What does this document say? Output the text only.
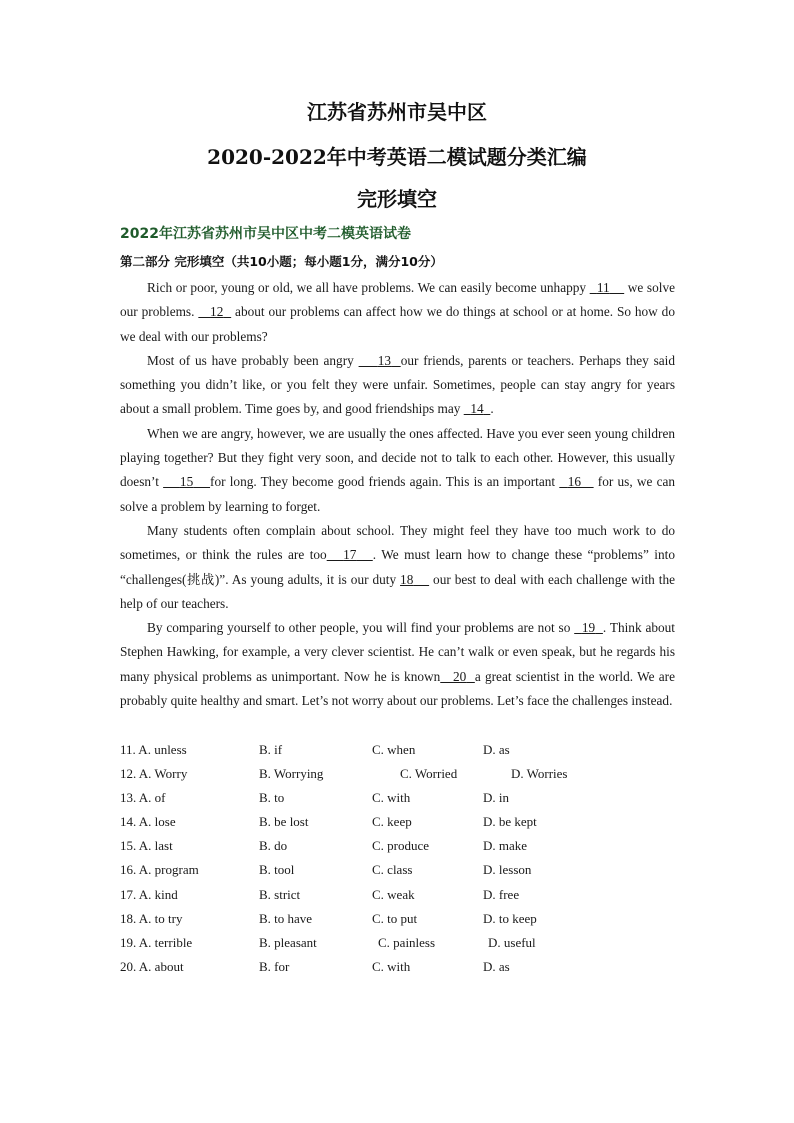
江苏省苏州市吴中区
2020-2022年中考英语二模试题分类汇编
完形填空
2022年江苏省苏州市吴中区中考二模英语试卷
第二部分 完形填空（共10小题；每小题1分，满分10分）

Rich or poor, young or old, we all have problems. We can easily become unhappy   11     we solve our problems.    12   about our problems can affect how we do things at school or at home. So how do we deal with our problems?

Most of us have probably been angry     13 our friends, parents or teachers. Perhaps they said something you didn’t like, or you felt they were unfair. Sometimes, people can stay angry for years about a small problem. Time goes by, and good friendships may   14 .

When we are angry, however, we are usually the ones affected. Have you ever seen young children playing together? But they fight very soon, and decide not to talk to each other. However, this usually doesn’t     15 for long. They become good friends again. This is an important   16    for us, we can solve a problem by learning to forget.

Many students often complain about school. They might feel they have too much work to do sometimes, or think the rules are too 17 . We must learn how to change these “problems” into “challenges(挑战)”. As young adults, it is our duty 18     our best to deal with each challenge with the help of our teachers.

By comparing yourself to other people, you will find your problems are not so   19 . Think about Stephen Hawking, for example, a very clever scientist. He can’t walk or even speak, but he regards his many physical problems as unimportant. Now he is known 20 a great scientist in the world. We are probably quite healthy and smart. Let’s not worry about our problems. Let’s face the challenges instead.

11. A. unless	B. if	C. when	D. as
12. A. Worry	B. Worrying	C. Worried	D. Worries
13. A. of	B. to	C. with	D. in
14. A. lose	B. be lost	C. keep	D. be kept
15. A. last	B. do	C. produce	D. make
16. A. program	B. tool	C. class	D. lesson
17. A. kind	B. strict	C. weak	D. free
18. A. to try	B. to have	C. to put	D. to keep
19. A. terrible	B. pleasant	C. painless	D. useful
20. A. about	B. for	C. with	D. as
